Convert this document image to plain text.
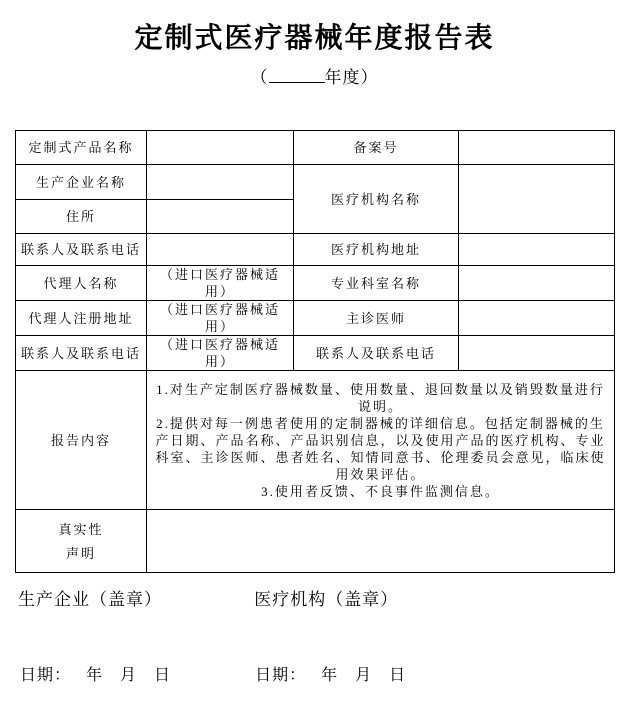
定制式医疗器械年度报告表
（	年度）
定制式产品名称		备案号	
生产企业名称		医疗机构名称	
住所			
联系人及联系电话		医疗机构地址	
代理人名称	（进口医疗器械适用）	专业科室名称	
代理人注册地址	（进口医疗器械适用）	主诊医师	
联系人及联系电话	（进口医疗器械适用）	联系人及联系电话	
报告内容	1.对生产定制医疗器械数量、使用数量、退回数量以及销毁数量进行说明。
2.提供对每一例患者使用的定制器械的详细信息。包括定制器械的生产日期、产品名称、产品识别信息，以及使用产品的医疗机构、专业科室、主诊医师、患者姓名、知情同意书、伦理委员会意见，临床使用效果评估。
3.使用者反馈、不良事件监测信息。		

真实性
声明			

生产企业（盖章）	医疗机构（盖章）
日期： 年 月 日	日期： 年 月 日
